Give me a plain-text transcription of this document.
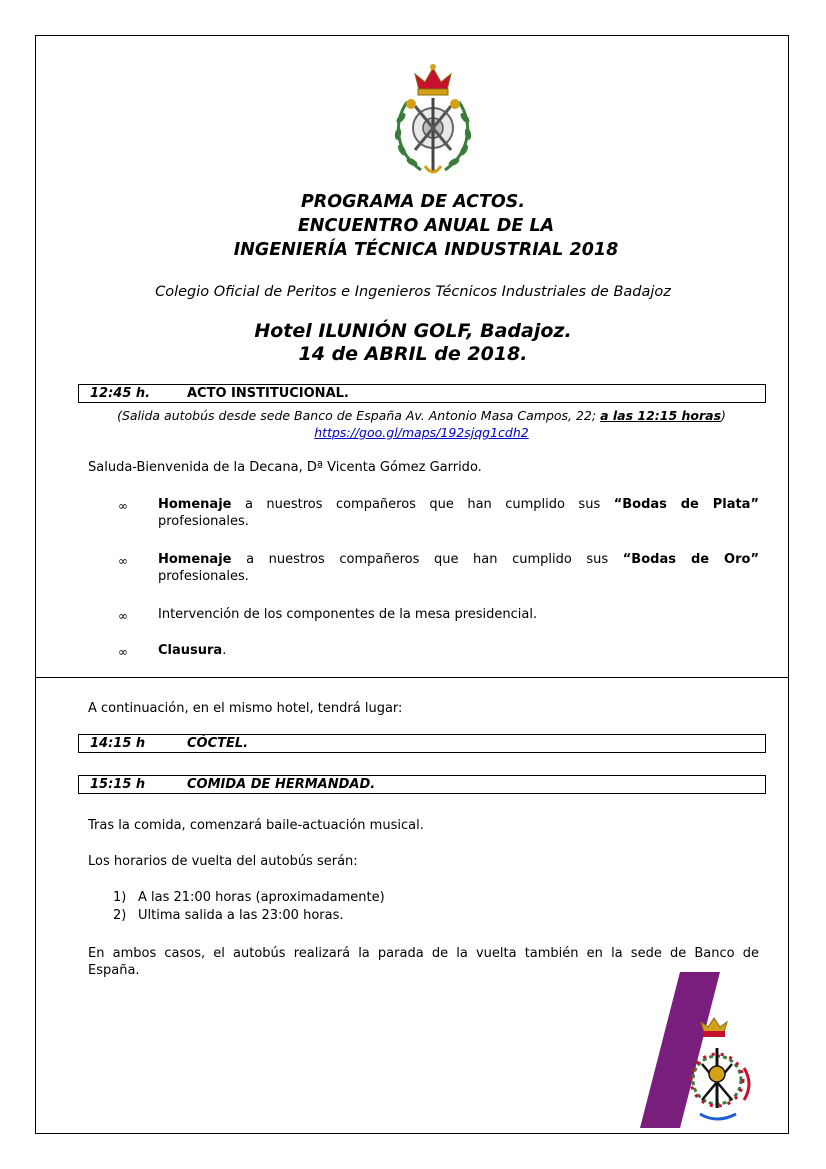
PROGRAMA DE ACTOS.
ENCUENTRO ANUAL DE LA
INGENIERÍA TÉCNICA INDUSTRIAL 2018
Colegio Oficial de Peritos e Ingenieros Técnicos Industriales de Badajoz
Hotel ILUNIÓN GOLF, Badajoz.
14 de ABRIL de 2018.
12:45 h.	ACTO INSTITUCIONAL.
(Salida autobús desde sede Banco de España Av. Antonio Masa Campos, 22; a las 12:15 horas)
https://goo.gl/maps/192sjqg1cdh2
Saluda-Bienvenida de la Decana, Dª Vicenta Gómez Garrido.
∞ Homenaje a nuestros compañeros que han cumplido sus “Bodas de Plata”
profesionales.
∞ Homenaje a nuestros compañeros que han cumplido sus “Bodas de Oro”
profesionales.
∞ Intervención de los componentes de la mesa presidencial.
∞ Clausura.
A continuación, en el mismo hotel, tendrá lugar:
14:15 h	CÓCTEL.
15:15 h	COMIDA DE HERMANDAD.
Tras la comida, comenzará baile-actuación musical.
Los horarios de vuelta del autobús serán:
1) A las 21:00 horas (aproximadamente)
2) Ultima salida a las 23:00 horas.
En ambos casos, el autobús realizará la parada de la vuelta también en la sede de Banco de
España.
